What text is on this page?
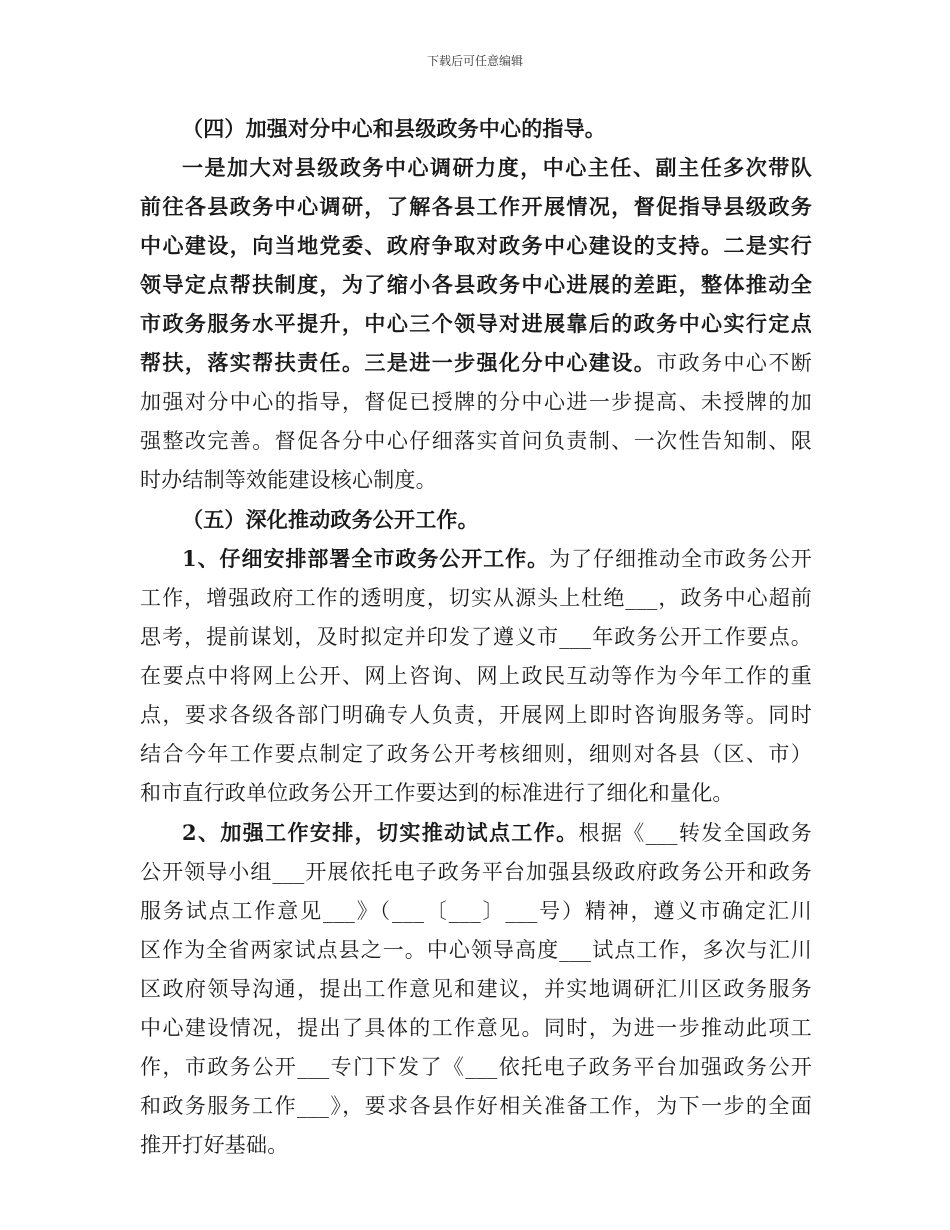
下载后可任意编辑

（四）加强对分中心和县级政务中心的指导。

一是加大对县级政务中心调研力度，中心主任、副主任多次带队
前往各县政务中心调研，了解各县工作开展情况，督促指导县级政务
中心建设，向当地党委、政府争取对政务中心建设的支持。二是实行
领导定点帮扶制度，为了缩小各县政务中心进展的差距，整体推动全
市政务服务水平提升，中心三个领导对进展靠后的政务中心实行定点
帮扶，落实帮扶责任。三是进一步强化分中心建设。市政务中心不断
加强对分中心的指导，督促已授牌的分中心进一步提高、未授牌的加
强整改完善。督促各分中心仔细落实首问负责制、一次性告知制、限
时办结制等效能建设核心制度。

（五）深化推动政务公开工作。

1、仔细安排部署全市政务公开工作。为了仔细推动全市政务公开
工作，增强政府工作的透明度，切实从源头上杜绝___，政务中心超前
思考，提前谋划，及时拟定并印发了遵义市___年政务公开工作要点。
在要点中将网上公开、网上咨询、网上政民互动等作为今年工作的重
点，要求各级各部门明确专人负责，开展网上即时咨询服务等。同时
结合今年工作要点制定了政务公开考核细则，细则对各县（区、市）
和市直行政单位政务公开工作要达到的标准进行了细化和量化。
2、加强工作安排，切实推动试点工作。根据《___转发全国政务
公开领导小组___开展依托电子政务平台加强县级政府政务公开和政务
服务试点工作意见___》（___〔___〕___号）精神，遵义市确定汇川
区作为全省两家试点县之一。中心领导高度___试点工作，多次与汇川
区政府领导沟通，提出工作意见和建议，并实地调研汇川区政务服务
中心建设情况，提出了具体的工作意见。同时，为进一步推动此项工
作，市政务公开___专门下发了《___依托电子政务平台加强政务公开
和政务服务工作___》，要求各县作好相关准备工作，为下一步的全面
推开打好基础。
